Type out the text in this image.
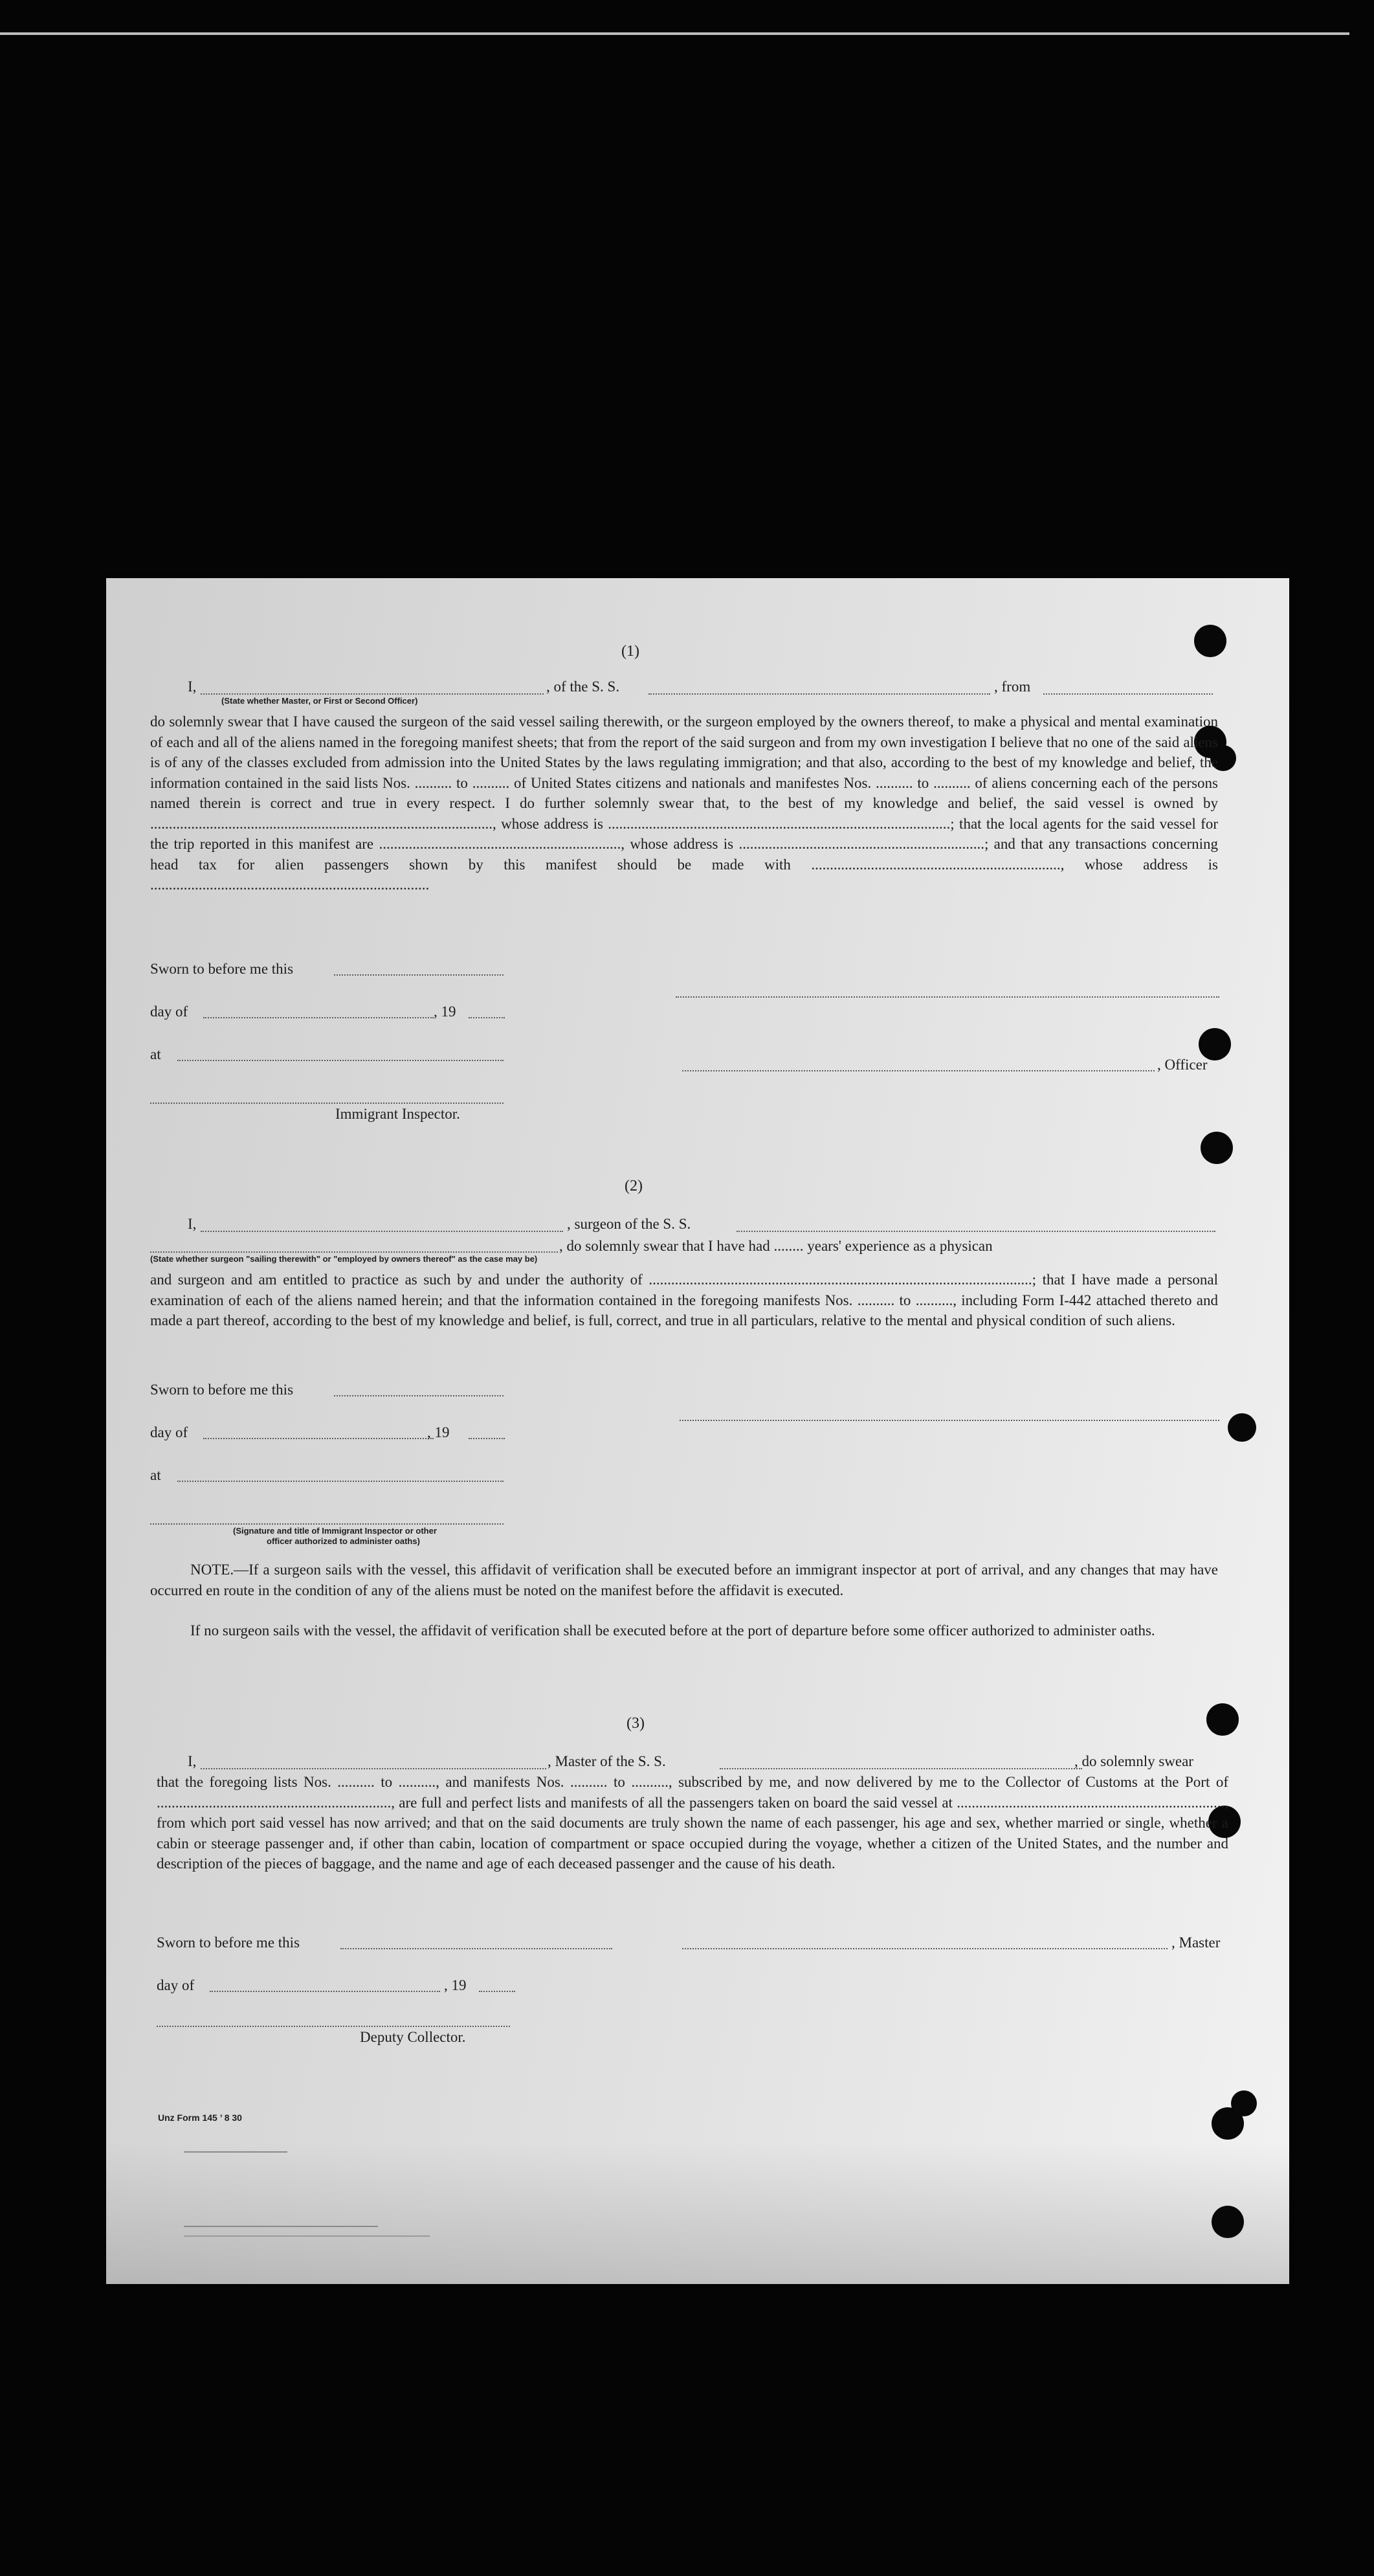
(1)
I,	, of the S. S.	, from
(State whether Master, or First or Second Officer)
do solemnly swear that I have caused the surgeon of the said vessel sailing therewith, or the surgeon employed by the owners thereof, to make a physical and mental examination of each and all of the aliens named in the foregoing manifest sheets; that from the report of the said surgeon and from my own investigation I believe that no one of the said aliens is of any of the classes excluded from admission into the United States by the laws regulating immigration; and that also, according to the best of my knowledge and belief, the information contained in the said lists Nos. .......... to .......... of United States citizens and nationals and manifestes Nos. .......... to .......... of aliens concerning each of the persons named therein is correct and true in every respect. I do further solemnly swear that, to the best of my knowledge and belief, the said vessel is owned by ............................................................................................, whose address is ............................................................................................; that the local agents for the said vessel for the trip reported in this manifest are ................................................................., whose address is ..................................................................; and that any transactions concerning head tax for alien passengers shown by this manifest should be made with ..................................................................., whose address is ...........................................................................
Sworn to before me this
day of	, 19
at
, Officer
Immigrant Inspector.
(2)
I,	, surgeon of the S. S.
, do solemnly swear that I have had ........ years' experience as a physican
(State whether surgeon "sailing therewith" or "employed by owners thereof" as the case may be)
and surgeon and am entitled to practice as such by and under the authority of .......................................................................................................; that I have made a personal examination of each of the aliens named herein; and that the information contained in the foregoing manifests Nos. .......... to .........., including Form I-442 attached thereto and made a part thereof, according to the best of my knowledge and belief, is full, correct, and true in all particulars, relative to the mental and physical condition of such aliens.
Sworn to before me this
day of	, 19
at
(Signature and title of Immigrant Inspector or other
officer authorized to administer oaths)
NOTE.—If a surgeon sails with the vessel, this affidavit of verification shall be executed before an immigrant inspector at port of arrival, and any changes that may have occurred en route in the condition of any of the aliens must be noted on the manifest before the affidavit is executed.
If no surgeon sails with the vessel, the affidavit of verification shall be executed before at the port of departure before some officer authorized to administer oaths.
(3)
I,	, Master of the S. S.	, do solemnly swear
that the foregoing lists Nos. .......... to .........., and manifests Nos. .......... to .........., subscribed by me, and now delivered by me to the Collector of Customs at the Port of ..............................................................., are full and perfect lists and manifests of all the passengers taken on board the said vessel at ........................................................................, from which port said vessel has now arrived; and that on the said documents are truly shown the name of each passenger, his age and sex, whether married or single, whether a cabin or steerage passenger and, if other than cabin, location of compartment or space occupied during the voyage, whether a citizen of the United States, and the number and description of the pieces of baggage, and the name and age of each deceased passenger and the cause of his death.
Sworn to before me this	, Master
day of	, 19
Deputy Collector.
Unz Form 145 ’ 8 30
